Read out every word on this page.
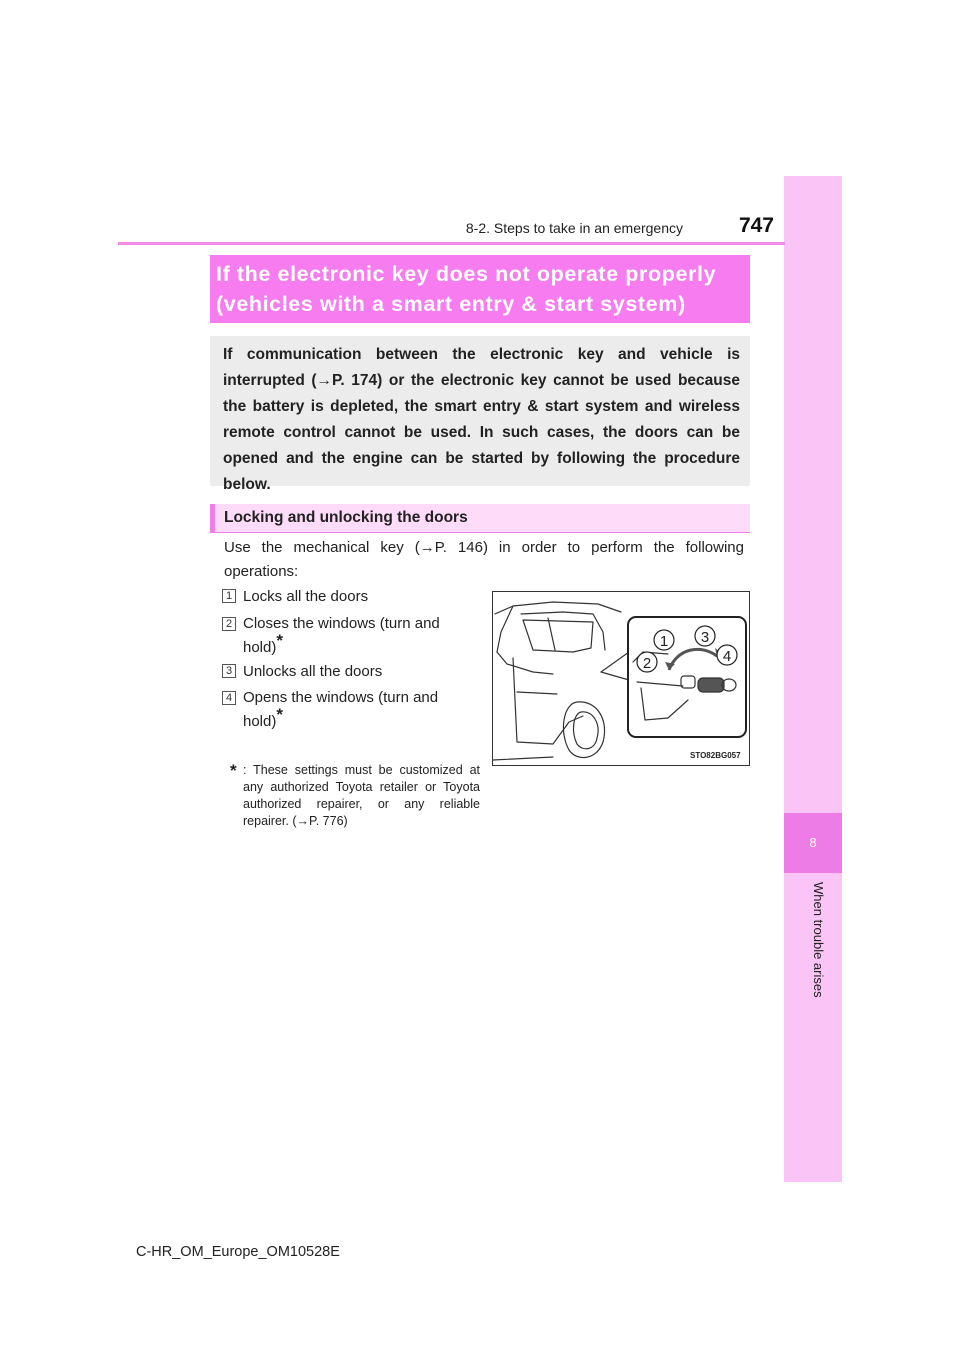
8
When trouble arises
8-2. Steps to take in an emergency	747
If the electronic key does not operate properly
(vehicles with a smart entry & start system)

If communication between the electronic key and vehicle is interrupted (→P. 174) or the electronic key cannot be used because the battery is depleted, the smart entry & start system and wireless remote control cannot be used. In such cases, the doors can be opened and the engine can be started by following the procedure below.

Locking and unlocking the doors

Use the mechanical key (→P. 146) in order to perform the following operations:

1 Locks all the doors
2 Closes the windows (turn and
hold)*
3 Unlocks all the doors
4 Opens the windows (turn and
hold)*
* : These settings must be customized at any authorized Toyota retailer or Toyota authorized repairer, or any reliable repairer. (→P. 776)
1
2
3
4
STO82BG057
C-HR_OM_Europe_OM10528E
